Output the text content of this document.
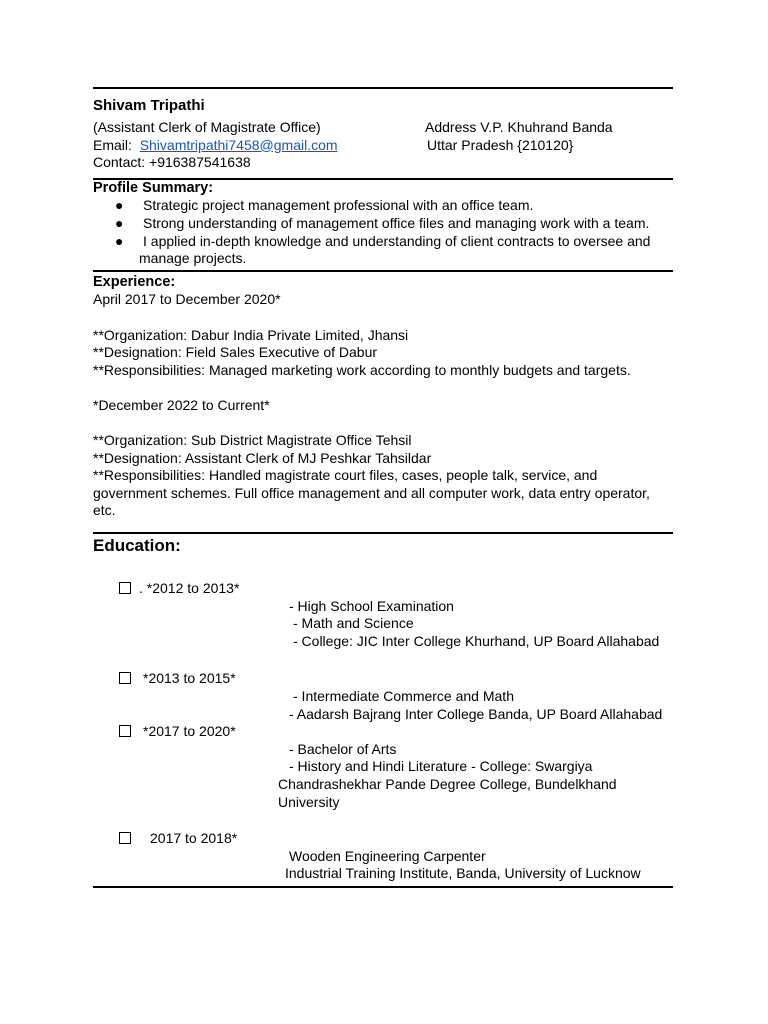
Shivam Tripathi
(Assistant Clerk of Magistrate Office)
Email: Shivamtripathi7458@gmail.com
Contact: +916387541638
Address V.P. Khuhrand Banda
Uttar Pradesh {210120}
Profile Summary:
● Strategic project management professional with an office team.
● Strong understanding of management office files and managing work with a team.
● I applied in-depth knowledge and understanding of client contracts to oversee and
manage projects.
Experience:
April 2017 to December 2020*
**Organization: Dabur India Private Limited, Jhansi
**Designation: Field Sales Executive of Dabur
**Responsibilities: Managed marketing work according to monthly budgets and targets.
*December 2022 to Current*
**Organization: Sub District Magistrate Office Tehsil
**Designation: Assistant Clerk of MJ Peshkar Tahsildar
**Responsibilities: Handled magistrate court files, cases, people talk, service, and
government schemes. Full office management and all computer work, data entry operator,
etc.
Education:
. *2012 to 2013*
- High School Examination
- Math and Science
- College: JIC Inter College Khurhand, UP Board Allahabad
*2013 to 2015*
- Intermediate Commerce and Math
- Aadarsh Bajrang Inter College Banda, UP Board Allahabad
*2017 to 2020*
- Bachelor of Arts
- History and Hindi Literature - College: Swargiya
Chandrashekhar Pande Degree College, Bundelkhand
University
2017 to 2018*
Wooden Engineering Carpenter
Industrial Training Institute, Banda, University of Lucknow
